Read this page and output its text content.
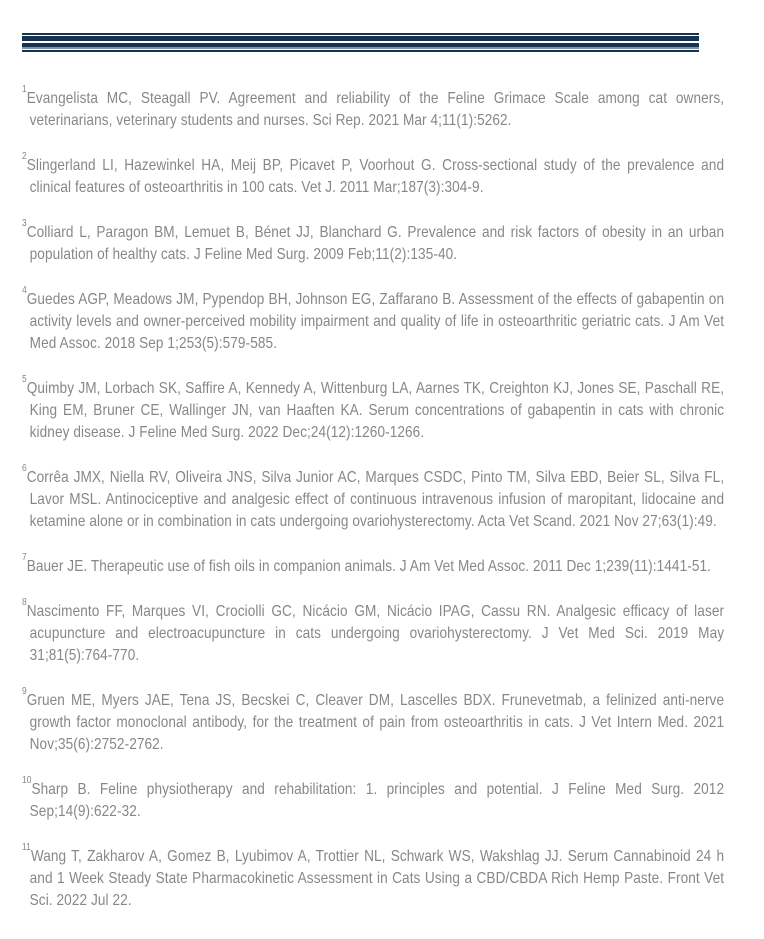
$^1$Evangelista MC, Steagall PV. Agreement and reliability of the Feline Grimace Scale among cat owners, veterinarians, veterinary students and nurses. Sci Rep. 2021 Mar 4;11(1):5262.

$^2$Slingerland LI, Hazewinkel HA, Meij BP, Picavet P, Voorhout G. Cross-sectional study of the prevalence and clinical features of osteoarthritis in 100 cats. Vet J. 2011 Mar;187(3):304-9.

$^3$Colliard L, Paragon BM, Lemuet B, Bénet JJ, Blanchard G. Prevalence and risk factors of obesity in an urban population of healthy cats. J Feline Med Surg. 2009 Feb;11(2):135-40.

$^4$Guedes AGP, Meadows JM, Pypendop BH, Johnson EG, Zaffarano B. Assessment of the effects of gabapentin on activity levels and owner-perceived mobility impairment and quality of life in osteoarthritic geriatric cats. J Am Vet Med Assoc. 2018 Sep 1;253(5):579-585.

$^5$Quimby JM, Lorbach SK, Saffire A, Kennedy A, Wittenburg LA, Aarnes TK, Creighton KJ, Jones SE, Paschall RE, King EM, Bruner CE, Wallinger JN, van Haaften KA. Serum concentrations of gabapentin in cats with chronic kidney disease. J Feline Med Surg. 2022 Dec;24(12):1260-1266.

$^6$Corrêa JMX, Niella RV, Oliveira JNS, Silva Junior AC, Marques CSDC, Pinto TM, Silva EBD, Beier SL, Silva FL, Lavor MSL. Antinociceptive and analgesic effect of continuous intravenous infusion of maropitant, lidocaine and ketamine alone or in combination in cats undergoing ovariohysterectomy. Acta Vet Scand. 2021 Nov 27;63(1):49.

$^7$Bauer JE. Therapeutic use of fish oils in companion animals. J Am Vet Med Assoc. 2011 Dec 1;239(11):1441-51.

$^8$Nascimento FF, Marques VI, Crociolli GC, Nicácio GM, Nicácio IPAG, Cassu RN. Analgesic efficacy of laser acupuncture and electroacupuncture in cats undergoing ovariohysterectomy. J Vet Med Sci. 2019 May 31;81(5):764-770.

$^9$Gruen ME, Myers JAE, Tena JS, Becskei C, Cleaver DM, Lascelles BDX. Frunevetmab, a felinized anti-nerve growth factor monoclonal antibody, for the treatment of pain from osteoarthritis in cats. J Vet Intern Med. 2021 Nov;35(6):2752-2762.

$^{10}$Sharp B. Feline physiotherapy and rehabilitation: 1. principles and potential. J Feline Med Surg. 2012 Sep;14(9):622-32.

$^{11}$Wang T, Zakharov A, Gomez B, Lyubimov A, Trottier NL, Schwark WS, Wakshlag JJ. Serum Cannabinoid 24 h and 1 Week Steady State Pharmacokinetic Assessment in Cats Using a CBD/CBDA Rich Hemp Paste. Front Vet Sci. 2022 Jul 22.
